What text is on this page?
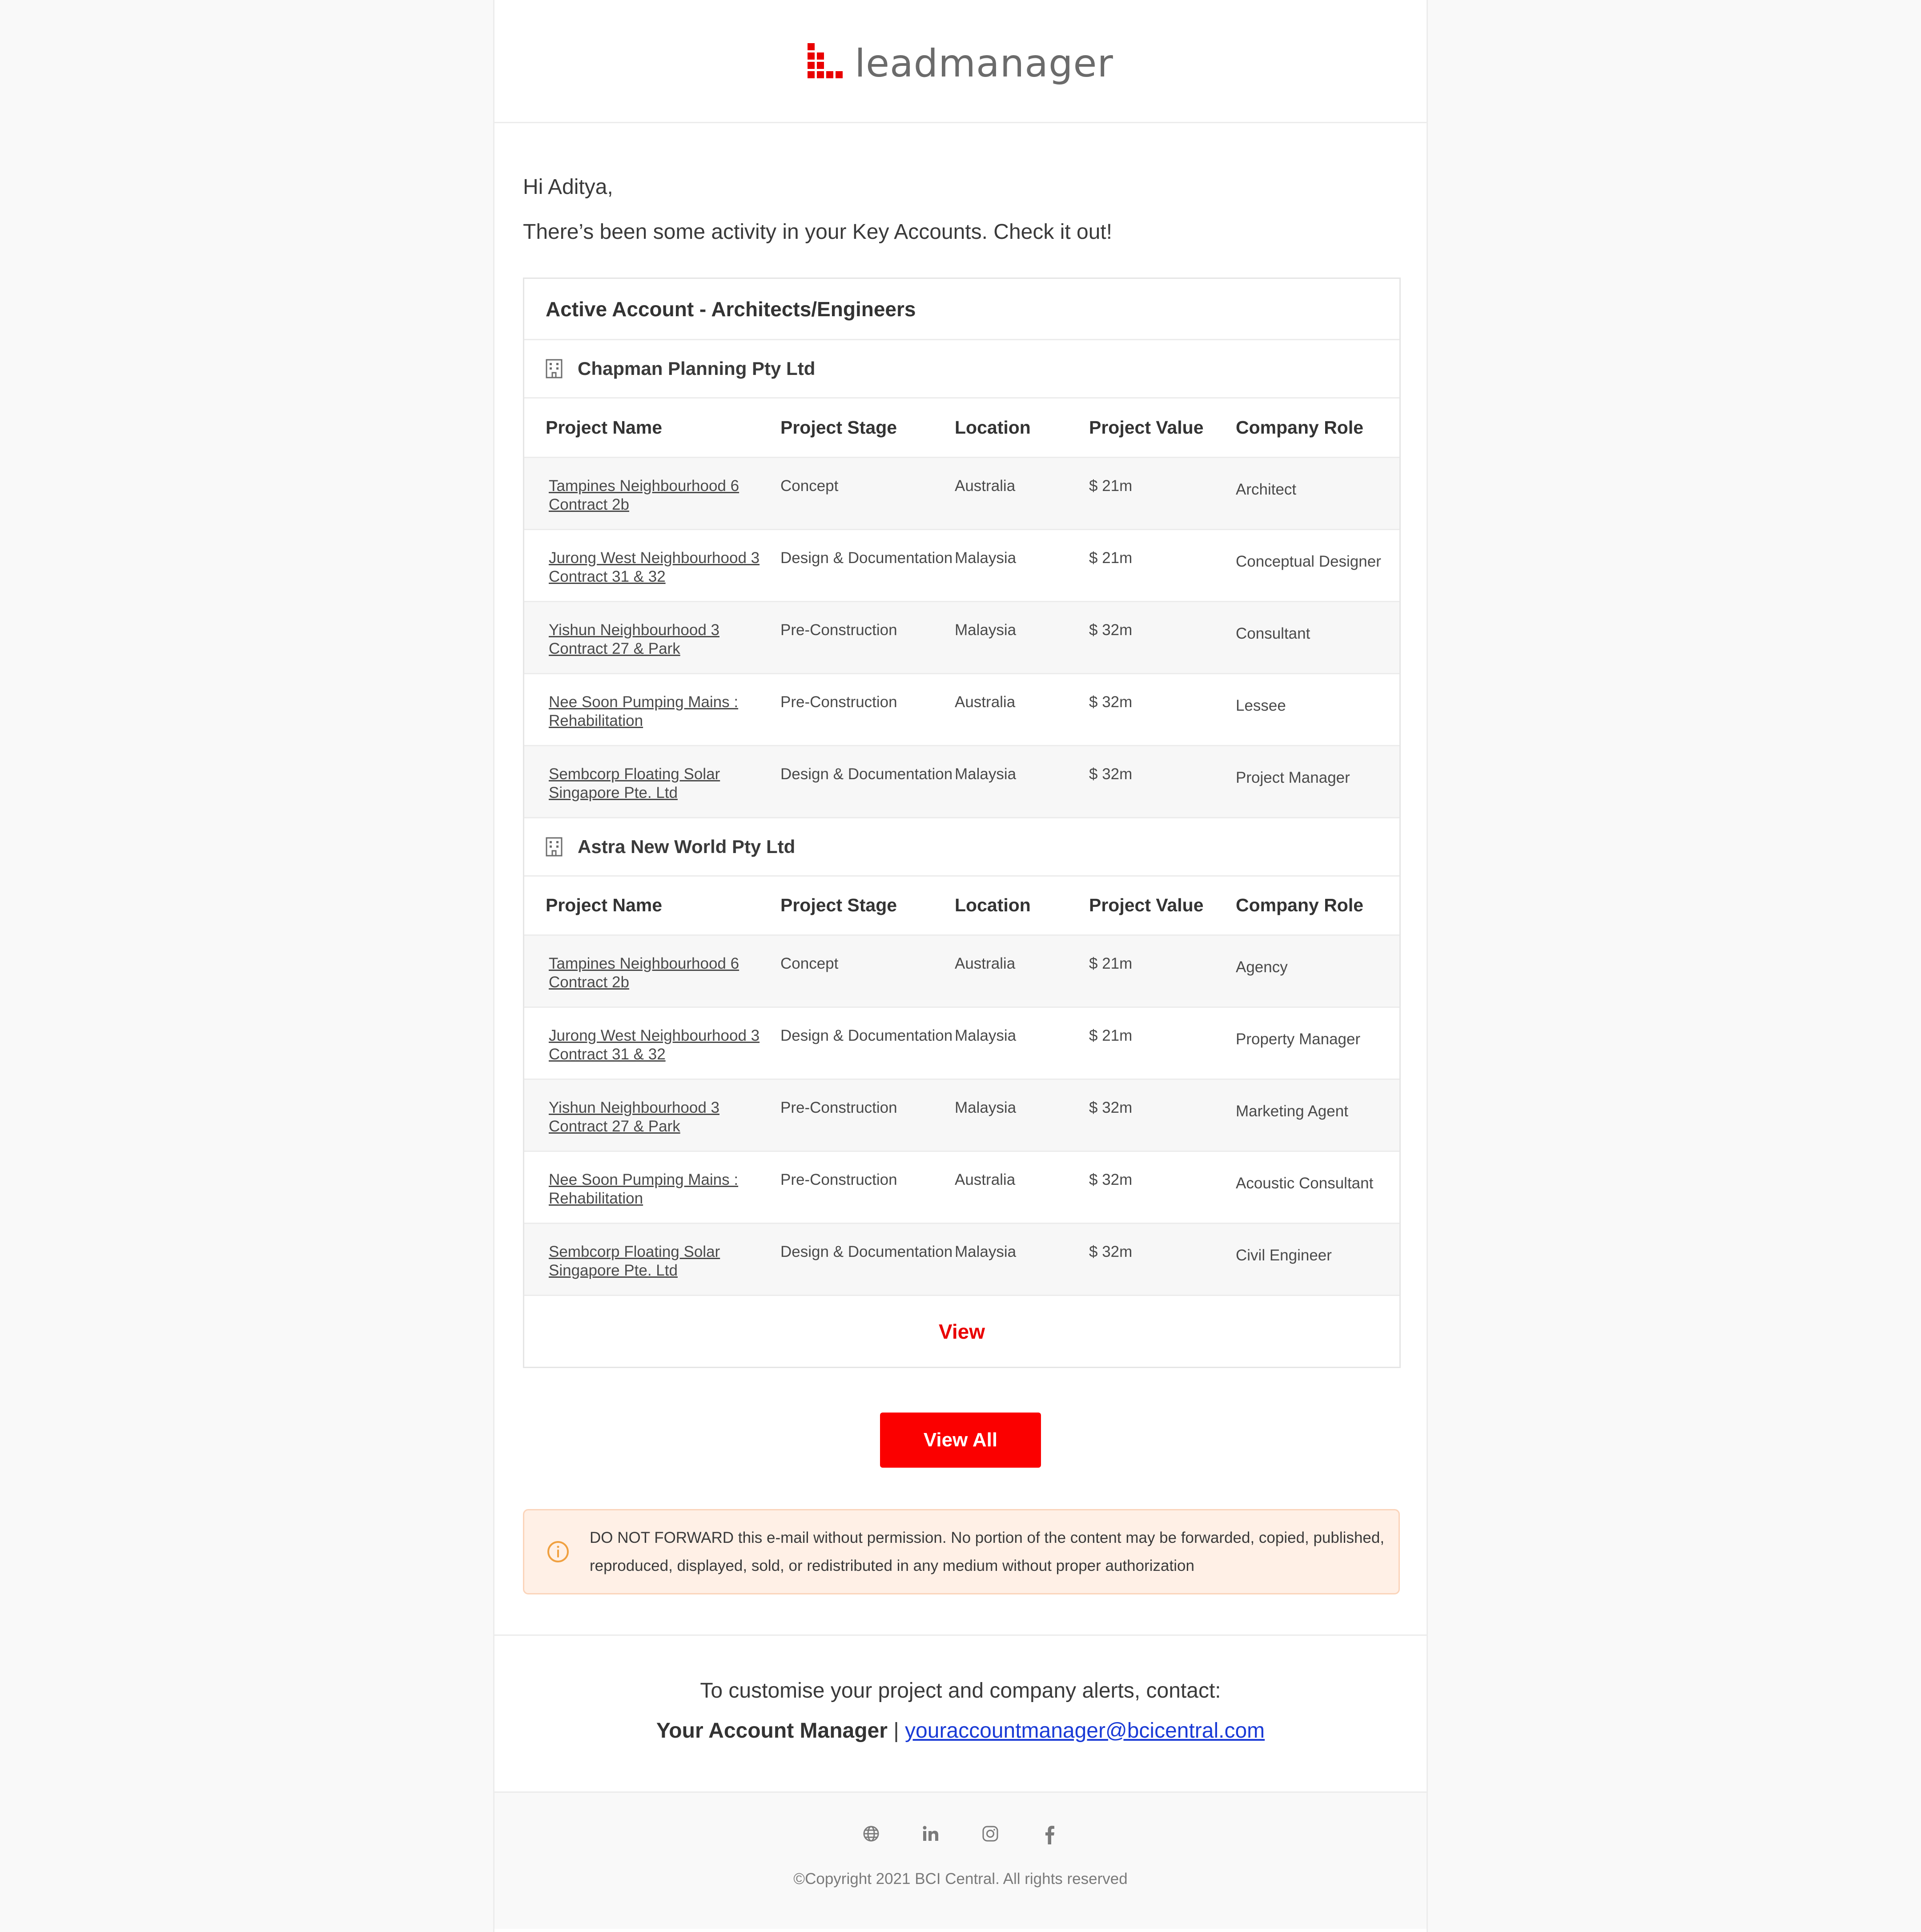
leadmanager

Hi Aditya,

There’s been some activity in your Key Accounts. Check it out!

Active Account - Architects/Engineers
Chapman Planning Pty Ltd
Project Name	Project Stage	Location	Project Value	Company Role
Tampines Neighbourhood 6 Contract 2b	Concept	Australia	$ 21m	Architect
Jurong West Neighbourhood 3 Contract 31 & 32	Design & Documentation	Malaysia	$ 21m	Conceptual Designer
Yishun Neighbourhood 3 Contract 27 & Park	Pre-Construction	Malaysia	$ 32m	Consultant
Nee Soon Pumping Mains : Rehabilitation	Pre-Construction	Australia	$ 32m	Lessee
Sembcorp Floating Solar Singapore Pte. Ltd	Design & Documentation	Malaysia	$ 32m	Project Manager
Astra New World Pty Ltd
Project Name	Project Stage	Location	Project Value	Company Role
Tampines Neighbourhood 6 Contract 2b	Concept	Australia	$ 21m	Agency
Jurong West Neighbourhood 3 Contract 31 & 32	Design & Documentation	Malaysia	$ 21m	Property Manager
Yishun Neighbourhood 3 Contract 27 & Park	Pre-Construction	Malaysia	$ 32m	Marketing Agent
Nee Soon Pumping Mains : Rehabilitation	Pre-Construction	Australia	$ 32m	Acoustic Consultant
Sembcorp Floating Solar Singapore Pte. Ltd	Design & Documentation	Malaysia	$ 32m	Civil Engineer
View
View All

DO NOT FORWARD this e-mail without permission. No portion of the content may be forwarded, copied, published, reproduced, displayed, sold, or redistributed in any medium without proper authorization

To customise your project and company alerts, contact:

Your Account Manager | youraccountmanager@bcicentral.com

©Copyright 2021 BCI Central. All rights reserved
